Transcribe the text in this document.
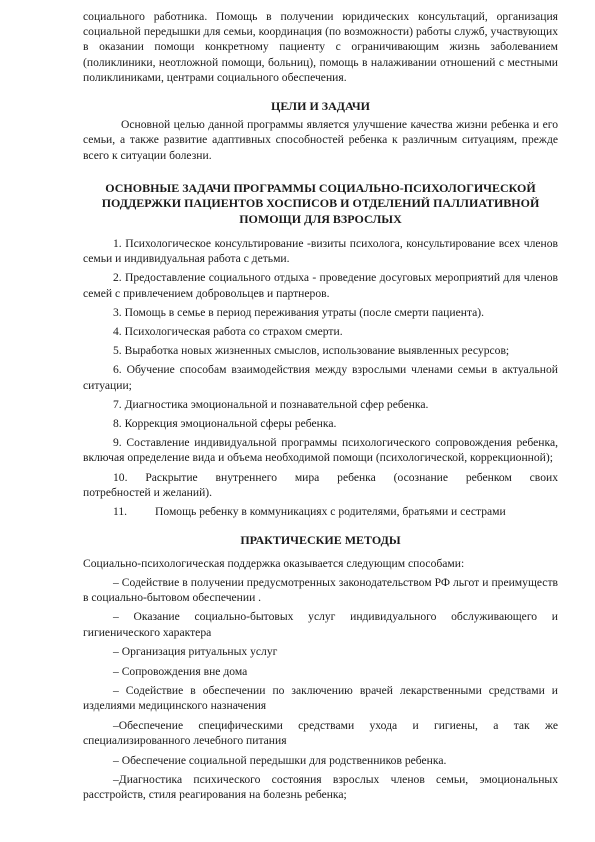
социального работника. Помощь в получении юридических консультаций, организация социальной передышки для семьи, координация (по возможности) работы служб, участвующих в оказании помощи конкретному пациенту с ограничивающим жизнь заболеванием (поликлиники, неотложной помощи, больниц), помощь в налаживании отношений с местными поликлиниками, центрами социального обеспечения.

ЦЕЛИ И ЗАДАЧИ

Основной целью данной программы является улучшение качества жизни ребенка и его семьи, а также развитие адаптивных способностей ребенка к различным ситуациям, прежде всего к ситуации болезни.

ОСНОВНЫЕ ЗАДАЧИ ПРОГРАММЫ СОЦИАЛЬНО-ПСИХОЛОГИЧЕСКОЙ ПОДДЕРЖКИ ПАЦИЕНТОВ ХОСПИСОВ И ОТДЕЛЕНИЙ ПАЛЛИАТИВНОЙ ПОМОЩИ ДЛЯ ВЗРОСЛЫХ

1. Психологическое консультирование -визиты психолога, консультирование всех членов семьи и индивидуальная работа с детьми.

2. Предоставление социального отдыха - проведение досуговых мероприятий для членов семей с привлечением добровольцев и партнеров.

3. Помощь в семье в период переживания утраты (после смерти пациента).

4. Психологическая работа со страхом смерти.

5. Выработка новых жизненных смыслов, использование выявленных ресурсов;

6. Обучение способам взаимодействия между взрослыми членами семьи в актуальной ситуации;

7. Диагностика эмоциональной и познавательной сфер ребенка.

8. Коррекция эмоциональной сферы ребенка.

9. Составление индивидуальной программы психологического сопровождения ребенка, включая определение вида и объема необходимой помощи (психологической, коррекционной);

10. Раскрытие внутреннего мира ребенка (осознание ребенком своих
потребностей и желаний).

11. Помощь ребенку в коммуникациях с родителями, братьями и сестрами

ПРАКТИЧЕСКИЕ МЕТОДЫ

Социально-психологическая поддержка оказывается следующим способами:

– Содействие в получении предусмотренных законодательством РФ льгот и преимуществ в социально-бытовом обеспечении .

– Оказание социально-бытовых услуг индивидуального обслуживающего и гигиенического характера

– Организация ритуальных услуг

– Сопровождения вне дома

– Содействие в обеспечении по заключению врачей лекарственными средствами и изделиями медицинского назначения

–Обеспечение специфическими средствами ухода и гигиены, а так же специализированного лечебного питания

– Обеспечение социальной передышки для родственников ребенка.

–Диагностика психического состояния взрослых членов семьи, эмоциональных расстройств, стиля реагирования на болезнь ребенка;
